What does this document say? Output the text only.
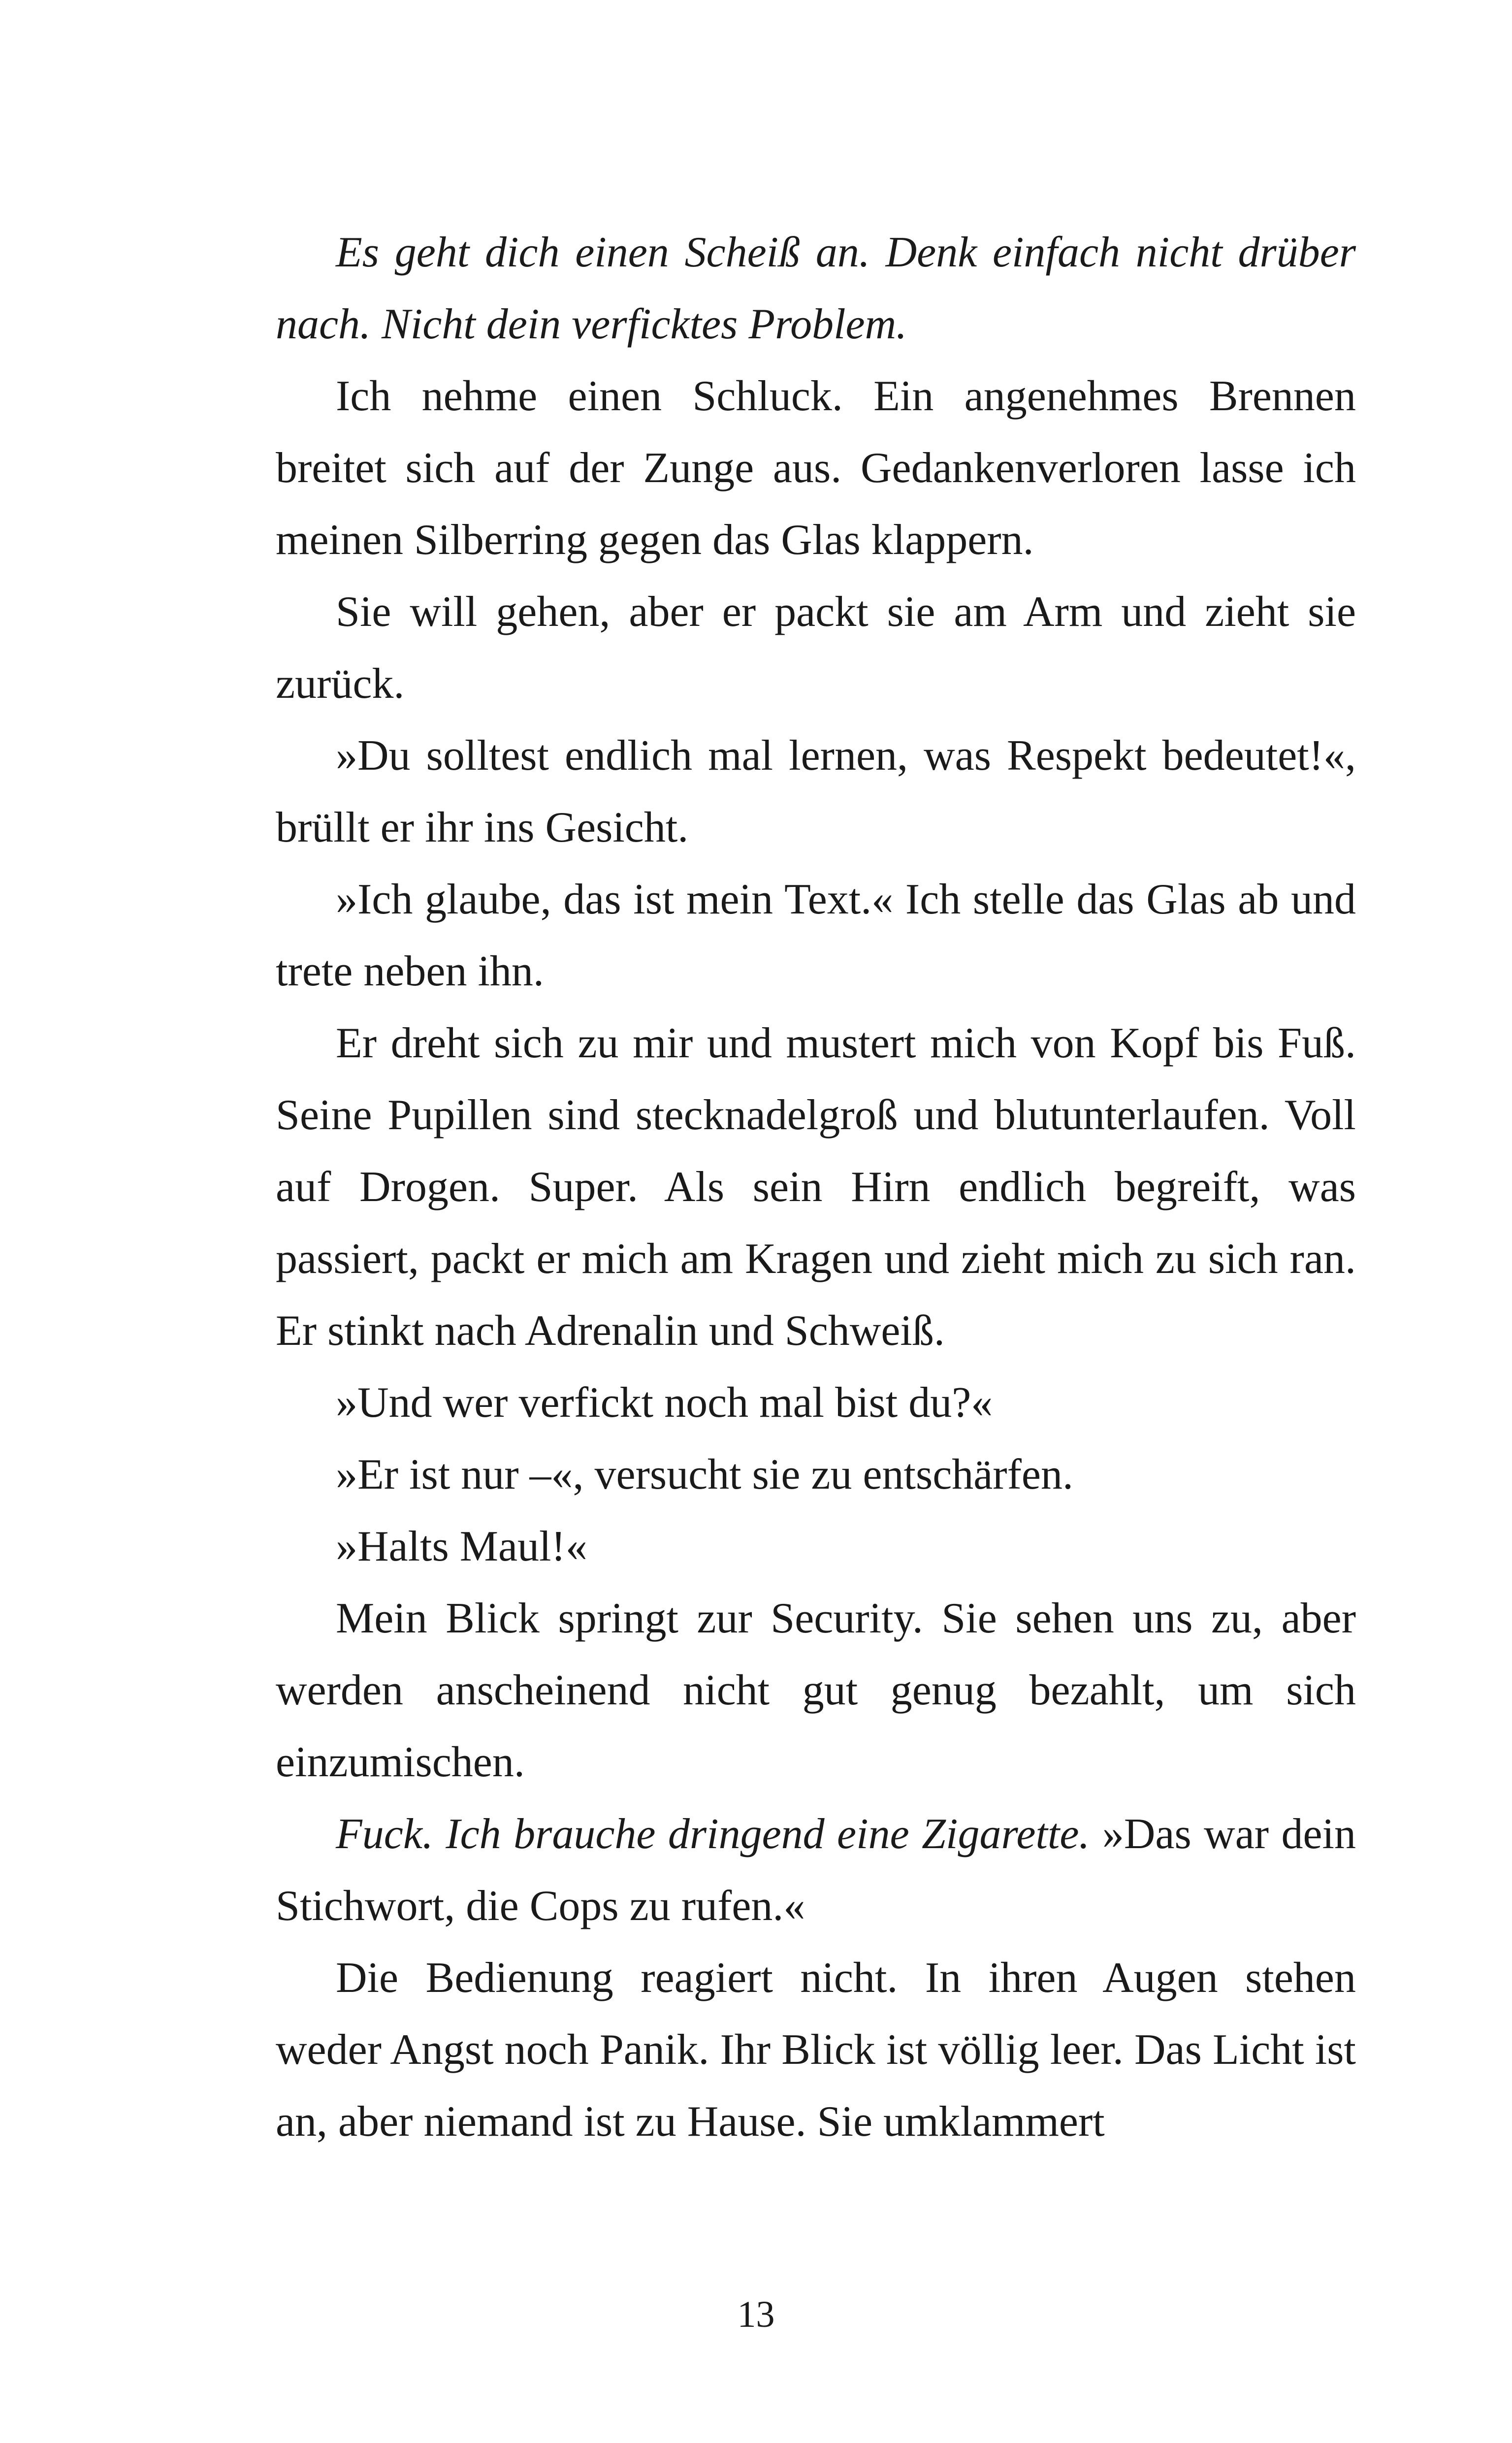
Es geht dich einen Scheiß an. Denk einfach nicht drüber nach. Nicht dein verficktes Problem.

Ich nehme einen Schluck. Ein angenehmes Brennen breitet sich auf der Zunge aus. Gedankenverloren lasse ich meinen Silberring gegen das Glas klappern.

Sie will gehen, aber er packt sie am Arm und zieht sie zurück.

»Du solltest endlich mal lernen, was Respekt bedeutet!«, brüllt er ihr ins Gesicht.

»Ich glaube, das ist mein Text.« Ich stelle das Glas ab und trete neben ihn.

Er dreht sich zu mir und mustert mich von Kopf bis Fuß. Seine Pupillen sind stecknadelgroß und blutunterlaufen. Voll auf Drogen. Super. Als sein Hirn endlich begreift, was passiert, packt er mich am Kragen und zieht mich zu sich ran. Er stinkt nach Adrenalin und Schweiß.

»Und wer verfickt noch mal bist du?«

»Er ist nur –«, versucht sie zu entschärfen.

»Halts Maul!«

Mein Blick springt zur Security. Sie sehen uns zu, aber werden anscheinend nicht gut genug bezahlt, um sich einzumischen.

Fuck. Ich brauche dringend eine Zigarette. »Das war dein Stichwort, die Cops zu rufen.«

Die Bedienung reagiert nicht. In ihren Augen stehen weder Angst noch Panik. Ihr Blick ist völlig leer. Das Licht ist an, aber niemand ist zu Hause. Sie umklammert

13
